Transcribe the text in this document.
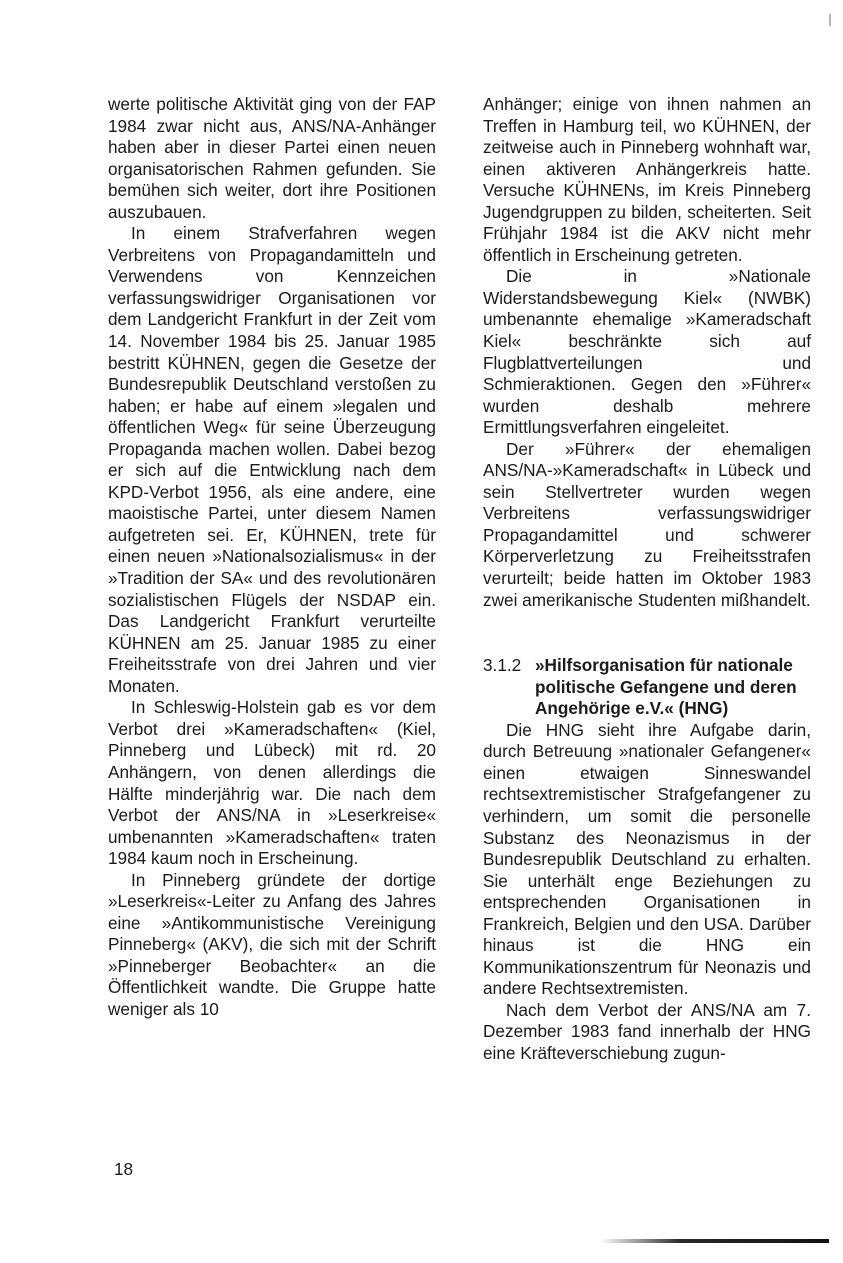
werte politische Aktivität ging von der FAP 1984 zwar nicht aus, ANS/NA-Anhänger haben aber in dieser Partei einen neuen organisatorischen Rahmen gefunden. Sie bemühen sich weiter, dort ihre Positionen auszubauen.

In einem Strafverfahren wegen Verbreitens von Propagandamitteln und Verwendens von Kennzeichen verfassungswidriger Organisationen vor dem Landgericht Frankfurt in der Zeit vom 14. November 1984 bis 25. Januar 1985 bestritt KÜHNEN, gegen die Gesetze der Bundesrepublik Deutschland verstoßen zu haben; er habe auf einem »legalen und öffentlichen Weg« für seine Überzeugung Propaganda machen wollen. Dabei bezog er sich auf die Entwicklung nach dem KPD-Verbot 1956, als eine andere, eine maoistische Partei, unter diesem Namen aufgetreten sei. Er, KÜHNEN, trete für einen neuen »Nationalsozialismus« in der »Tradition der SA« und des revolutionären sozialistischen Flügels der NSDAP ein. Das Landgericht Frankfurt verurteilte KÜHNEN am 25. Januar 1985 zu einer Freiheitsstrafe von drei Jahren und vier Monaten.

In Schleswig-Holstein gab es vor dem Verbot drei »Kameradschaften« (Kiel, Pinneberg und Lübeck) mit rd. 20 Anhängern, von denen allerdings die Hälfte minderjährig war. Die nach dem Verbot der ANS/NA in »Leserkreise« umbenannten »Kameradschaften« traten 1984 kaum noch in Erscheinung.

In Pinneberg gründete der dortige »Leserkreis«-Leiter zu Anfang des Jahres eine »Antikommunistische Vereinigung Pinneberg« (AKV), die sich mit der Schrift »Pinneberger Beobachter« an die Öffentlichkeit wandte. Die Gruppe hatte weniger als 10

Anhänger; einige von ihnen nahmen an Treffen in Hamburg teil, wo KÜHNEN, der zeitweise auch in Pinneberg wohnhaft war, einen aktiveren Anhängerkreis hatte. Versuche KÜHNENs, im Kreis Pinneberg Jugendgruppen zu bilden, scheiterten. Seit Frühjahr 1984 ist die AKV nicht mehr öffentlich in Erscheinung getreten.

Die in »Nationale Widerstandsbewegung Kiel« (NWBK) umbenannte ehemalige »Kameradschaft Kiel« beschränkte sich auf Flugblattverteilungen und Schmieraktionen. Gegen den »Führer« wurden deshalb mehrere Ermittlungsverfahren eingeleitet.

Der »Führer« der ehemaligen ANS/NA-»Kameradschaft« in Lübeck und sein Stellvertreter wurden wegen Verbreitens verfassungswidriger Propagandamittel und schwerer Körperverletzung zu Freiheitsstrafen verurteilt; beide hatten im Oktober 1983 zwei amerikanische Studenten mißhandelt.

3.1.2 »Hilfsorganisation für nationale politische Gefangene und deren Angehörige e.V.« (HNG)

Die HNG sieht ihre Aufgabe darin, durch Betreuung »nationaler Gefangener« einen etwaigen Sinneswandel rechtsextremistischer Strafgefangener zu verhindern, um somit die personelle Substanz des Neonazismus in der Bundesrepublik Deutschland zu erhalten. Sie unterhält enge Beziehungen zu entsprechenden Organisationen in Frankreich, Belgien und den USA. Darüber hinaus ist die HNG ein Kommunikationszentrum für Neonazis und andere Rechtsextremisten.

Nach dem Verbot der ANS/NA am 7. Dezember 1983 fand innerhalb der HNG eine Kräfteverschiebung zugun-

18
